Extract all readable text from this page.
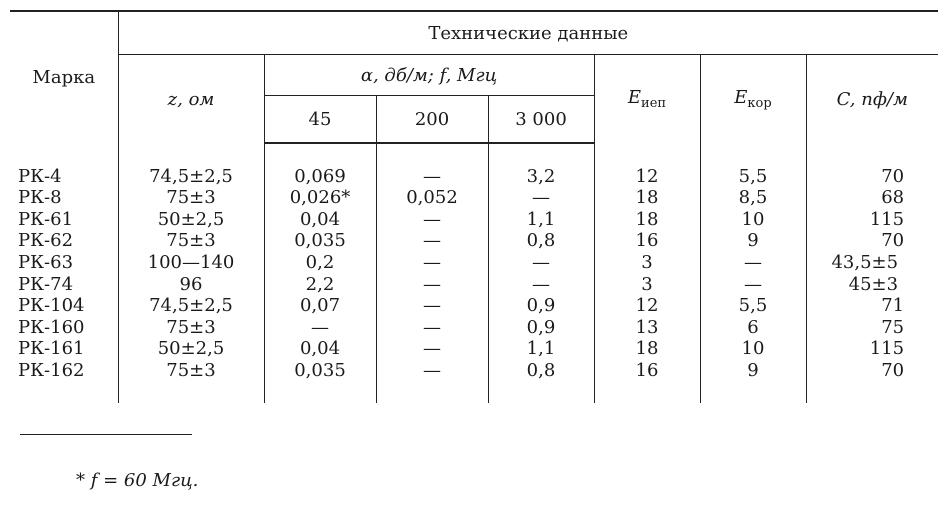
Марка	Технические данные						
	z, ом	α, дб/м; f, Мгц			$E_{иеп}$	$E_{кор}$	C, пф/м
		45	200	3 000			

РК-4	74,5±2,5	0,069	—	3,2	12	5,5	70
РК-8	75±3	0,026*	0,052	—	18	8,5	68
РК-61	50±2,5	0,04	—	1,1	18	10	115
РК-62	75±3	0,035	—	0,8	16	9	70
РК-63	100—140	0,2	—	—	3	—	43,5±5
РК-74	96	2,2	—	—	3	—	45±3
РК-104	74,5±2,5	0,07	—	0,9	12	5,5	71
РК-160	75±3	—	—	0,9	13	6	75
РК-161	50±2,5	0,04	—	1,1	18	10	115
РК-162	75±3	0,035	—	0,8	16	9	70

* f = 60 Мгц.
